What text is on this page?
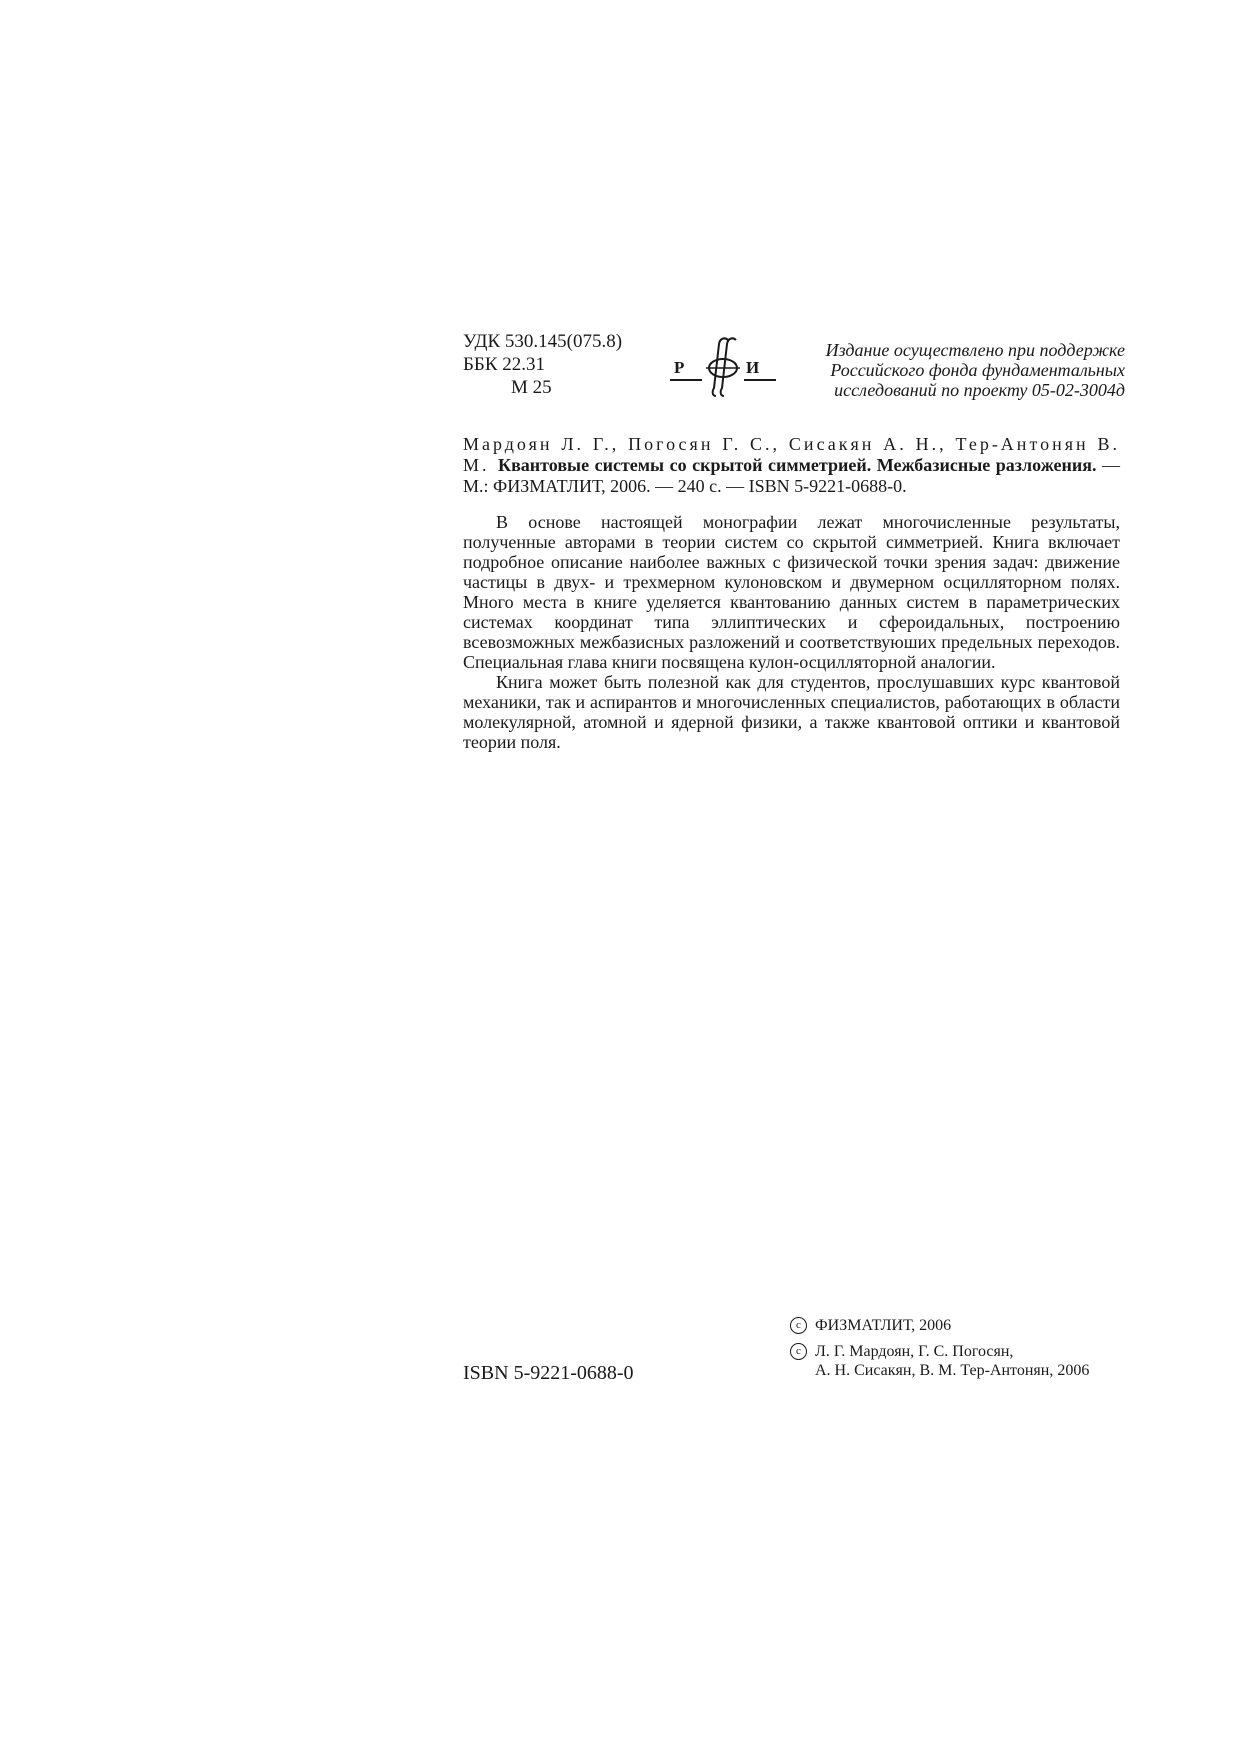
УДК 530.145(075.8)
ББК 22.31
М 25
Р	И
Издание осуществлено при поддержке
Российского фонда фундаментальных
исследований по проекту 05-02-3004д
Мардоян Л. Г., Погосян Г. С., Сисакян А. Н., Тер-Антонян В. М. Квантовые системы со скрытой симметрией. Межбазисные разложения. — М.: ФИЗМАТЛИТ, 2006. — 240 с. — ISBN 5-9221-0688-0.

В основе настоящей монографии лежат многочисленные результаты, полученные авторами в теории систем со скрытой симметрией. Книга включает подробное описание наиболее важных с физической точки зрения задач: движение частицы в двух- и трехмерном кулоновском и двумерном осцилляторном полях. Много места в книге уделяется квантованию данных систем в параметрических системах координат типа эллиптических и сфероидальных, построению всевозможных межбазисных разложений и соответствуюших предельных переходов. Специальная глава книги посвящена кулон-осцилляторной аналогии.

Книга может быть полезной как для студентов, прослушавших курс квантовой механики, так и аспирантов и многочисленных специалистов, работающих в области молекулярной, атомной и ядерной физики, а также квантовой оптики и квантовой теории поля.

ISBN 5-9221-0688-0
c ФИЗМАТЛИТ, 2006
c Л. Г. Мардоян, Г. С. Погосян,
А. Н. Сисакян, В. М. Тер-Антонян, 2006
